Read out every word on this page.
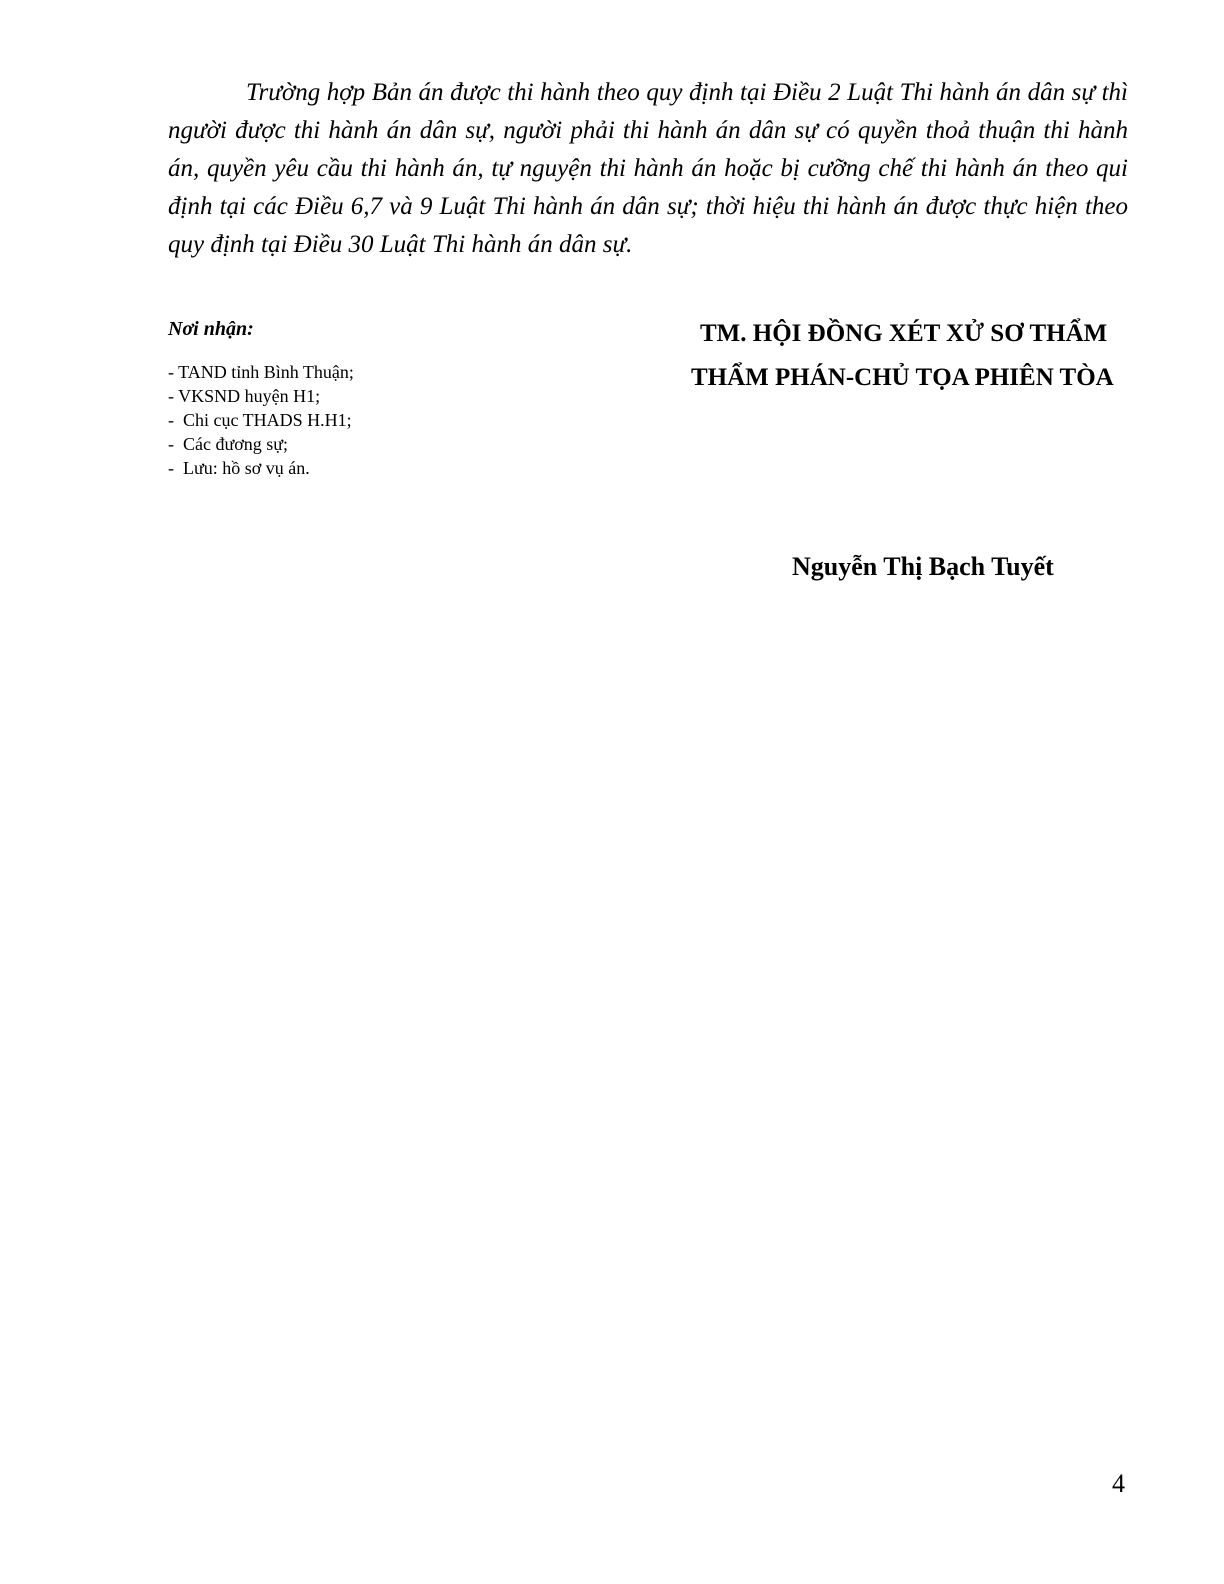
Trường hợp Bản án được thi hành theo quy định tại Điều 2 Luật Thi hành án dân sự thì người được thi hành án dân sự, người phải thi hành án dân sự có quyền thoả thuận thi hành án, quyền yêu cầu thi hành án, tự nguyện thi hành án hoặc bị cưỡng chế thi hành án theo qui định tại các Điều 6,7 và 9 Luật Thi hành án dân sự; thời hiệu thi hành án được thực hiện theo quy định tại Điều 30 Luật Thi hành án dân sự.

Nơi nhận:
- TAND tỉnh Bình Thuận;
- VKSND huyện H1;
-  Chi cục THADS H.H1;
-  Các đương sự;
-  Lưu: hồ sơ vụ án.
TM. HỘI ĐỒNG XÉT XỬ SƠ THẨM
THẨM PHÁN-CHỦ TỌA PHIÊN TÒA
Nguyễn Thị Bạch Tuyết
4
